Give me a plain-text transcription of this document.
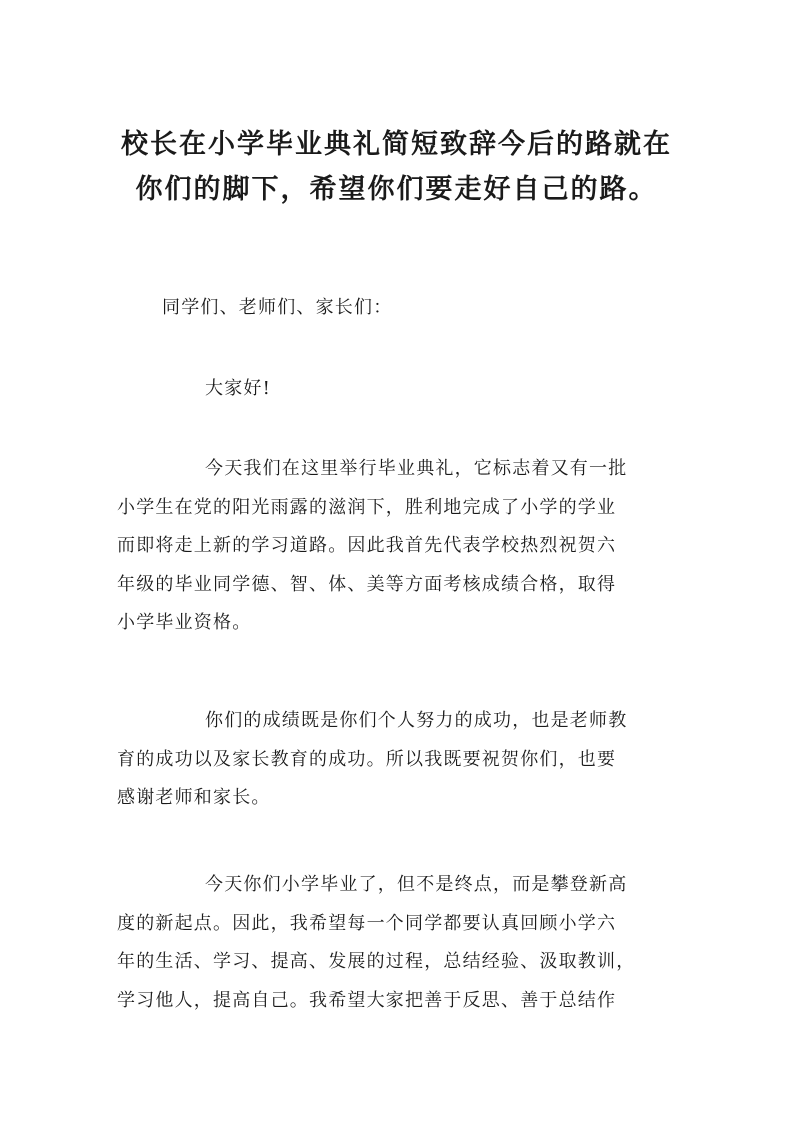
校长在小学毕业典礼简短致辞今后的路就在
你们的脚下，希望你们要走好自己的路。

同学们、老师们、家长们：

大家好!

今天我们在这里举行毕业典礼，它标志着又有一批
小学生在党的阳光雨露的滋润下，胜利地完成了小学的学业
而即将走上新的学习道路。因此我首先代表学校热烈祝贺六
年级的毕业同学德、智、体、美等方面考核成绩合格，取得
小学毕业资格。

你们的成绩既是你们个人努力的成功，也是老师教
育的成功以及家长教育的成功。所以我既要祝贺你们，也要
感谢老师和家长。

今天你们小学毕业了，但不是终点，而是攀登新高
度的新起点。因此，我希望每一个同学都要认真回顾小学六
年的生活、学习、提高、发展的过程，总结经验、汲取教训，
学习他人，提高自己。我希望大家把善于反思、善于总结作
